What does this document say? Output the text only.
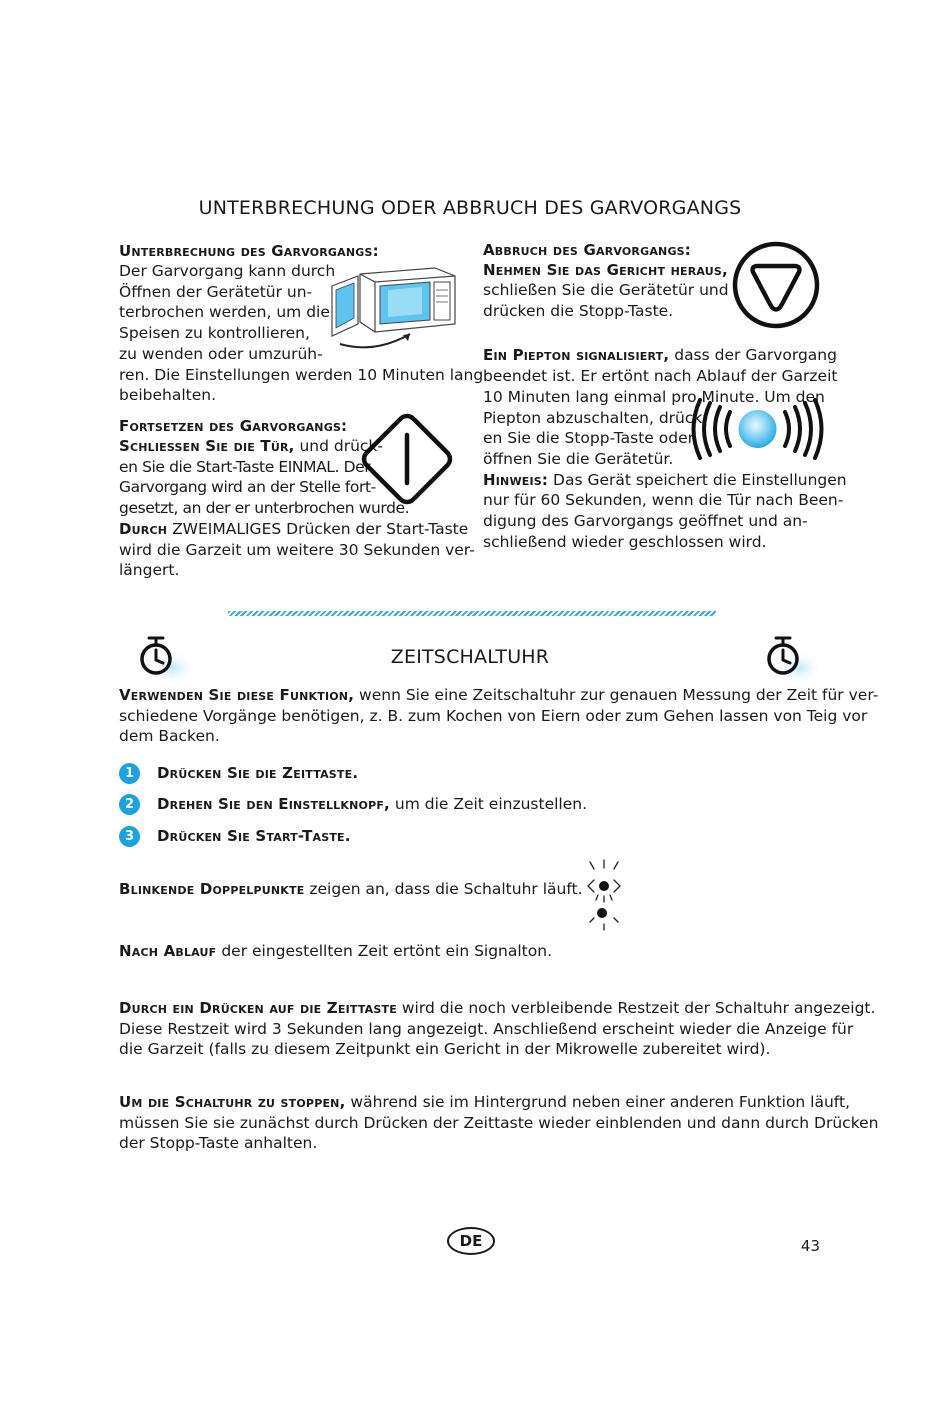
UNTERBRECHUNG ODER ABBRUCH DES GARVORGANGS
Unterbrechung des Garvorgangs:
Der Garvorgang kann durch
Öffnen der Gerätetür un-
terbrochen werden, um die
Speisen zu kontrollieren,
zu wenden oder umzurüh-
ren. Die Einstellungen werden 10 Minuten lang
beibehalten.
Fortsetzen des Garvorgangs:
Schliessen Sie die Tür, und drück-
en Sie die Start-Taste EINMAL. Der
Garvorgang wird an der Stelle fort-
gesetzt, an der er unterbrochen wurde.
Durch ZWEIMALIGES Drücken der Start-Taste
wird die Garzeit um weitere 30 Sekunden ver-
längert.
Abbruch des Garvorgangs:
Nehmen Sie das Gericht heraus,
schließen Sie die Gerätetür und
drücken die Stopp-Taste.
Ein Piepton signalisiert, dass der Garvorgang
beendet ist. Er ertönt nach Ablauf der Garzeit
10 Minuten lang einmal pro Minute. Um den
Piepton abzuschalten, drück-
en Sie die Stopp-Taste oder
öffnen Sie die Gerätetür.
Hinweis: Das Gerät speichert die Einstellungen
nur für 60 Sekunden, wenn die Tür nach Been-
digung des Garvorgangs geöffnet und an-
schließend wieder geschlossen wird.
ZEITSCHALTUHR
Verwenden Sie diese Funktion, wenn Sie eine Zeitschaltuhr zur genauen Messung der Zeit für ver-
schiedene Vorgänge benötigen, z. B. zum Kochen von Eiern oder zum Gehen lassen von Teig vor
dem Backen.
1	Drücken Sie die Zeittaste.
2	Drehen Sie den Einstellknopf, um die Zeit einzustellen.
3	Drücken Sie Start-Taste.
Blinkende Doppelpunkte zeigen an, dass die Schaltuhr läuft.
Nach Ablauf der eingestellten Zeit ertönt ein Signalton.
Durch ein Drücken auf die Zeittaste wird die noch verbleibende Restzeit der Schaltuhr angezeigt.
Diese Restzeit wird 3 Sekunden lang angezeigt. Anschließend erscheint wieder die Anzeige für
die Garzeit (falls zu diesem Zeitpunkt ein Gericht in der Mikrowelle zubereitet wird).
Um die Schaltuhr zu stoppen, während sie im Hintergrund neben einer anderen Funktion läuft,
müssen Sie sie zunächst durch Drücken der Zeittaste wieder einblenden und dann durch Drücken
der Stopp-Taste anhalten.
DE	43
